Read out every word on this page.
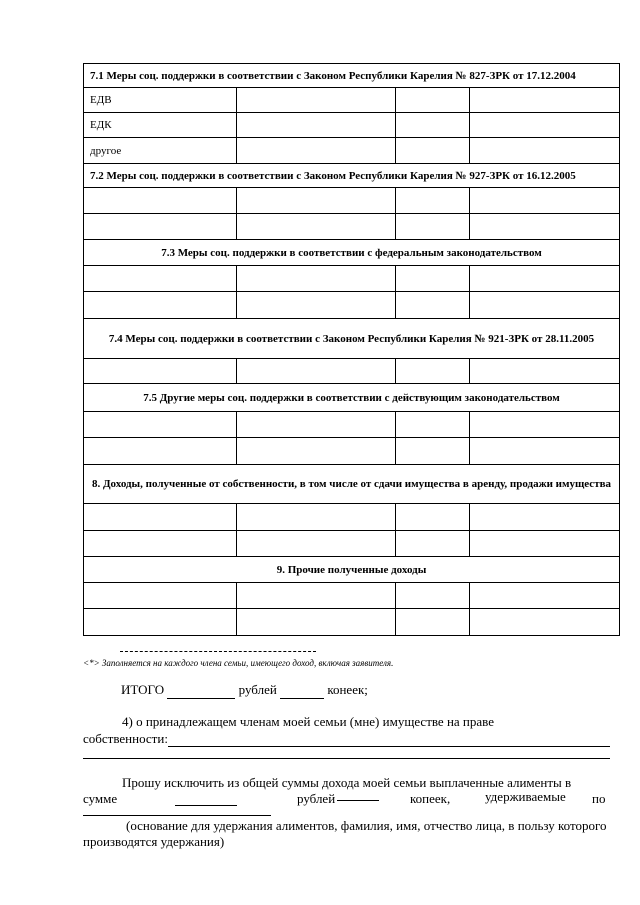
7.1 Меры соц. поддержки в соответствии с Законом Республики Карелия № 827-ЗРК от 17.12.2004			
ЕДВ			
ЕДК			
другое			
7.2 Меры соц. поддержки в соответствии с Законом Республики Карелия № 927-ЗРК от 16.12.2005			

7.3 Меры соц. поддержки в соответствии с федеральным законодательством			

7.4 Меры соц. поддержки в соответствии с Законом Республики Карелия № 921-ЗРК от 28.11.2005			

7.5 Другие меры соц. поддержки в соответствии с действующим законодательством			

8. Доходы, полученные от собственности, в том числе от сдачи имущества в аренду, продажи имущества			

9. Прочие полученные доходы			

<*> Заполняется на каждого члена семьи, имеющего доход, включая заявителя.
ИТОГО	рублей	конеек;
4) о принадлежащем членам моей семьи (мне) имуществе на праве
собственности:
Прошу исключить из общей суммы дохода моей семьи выплаченные алименты в
сумме	рублей	копеек,	удерживаемые по
(основание для удержания алиментов, фамилия, имя, отчество лица, в пользу которого
производятся удержания)
